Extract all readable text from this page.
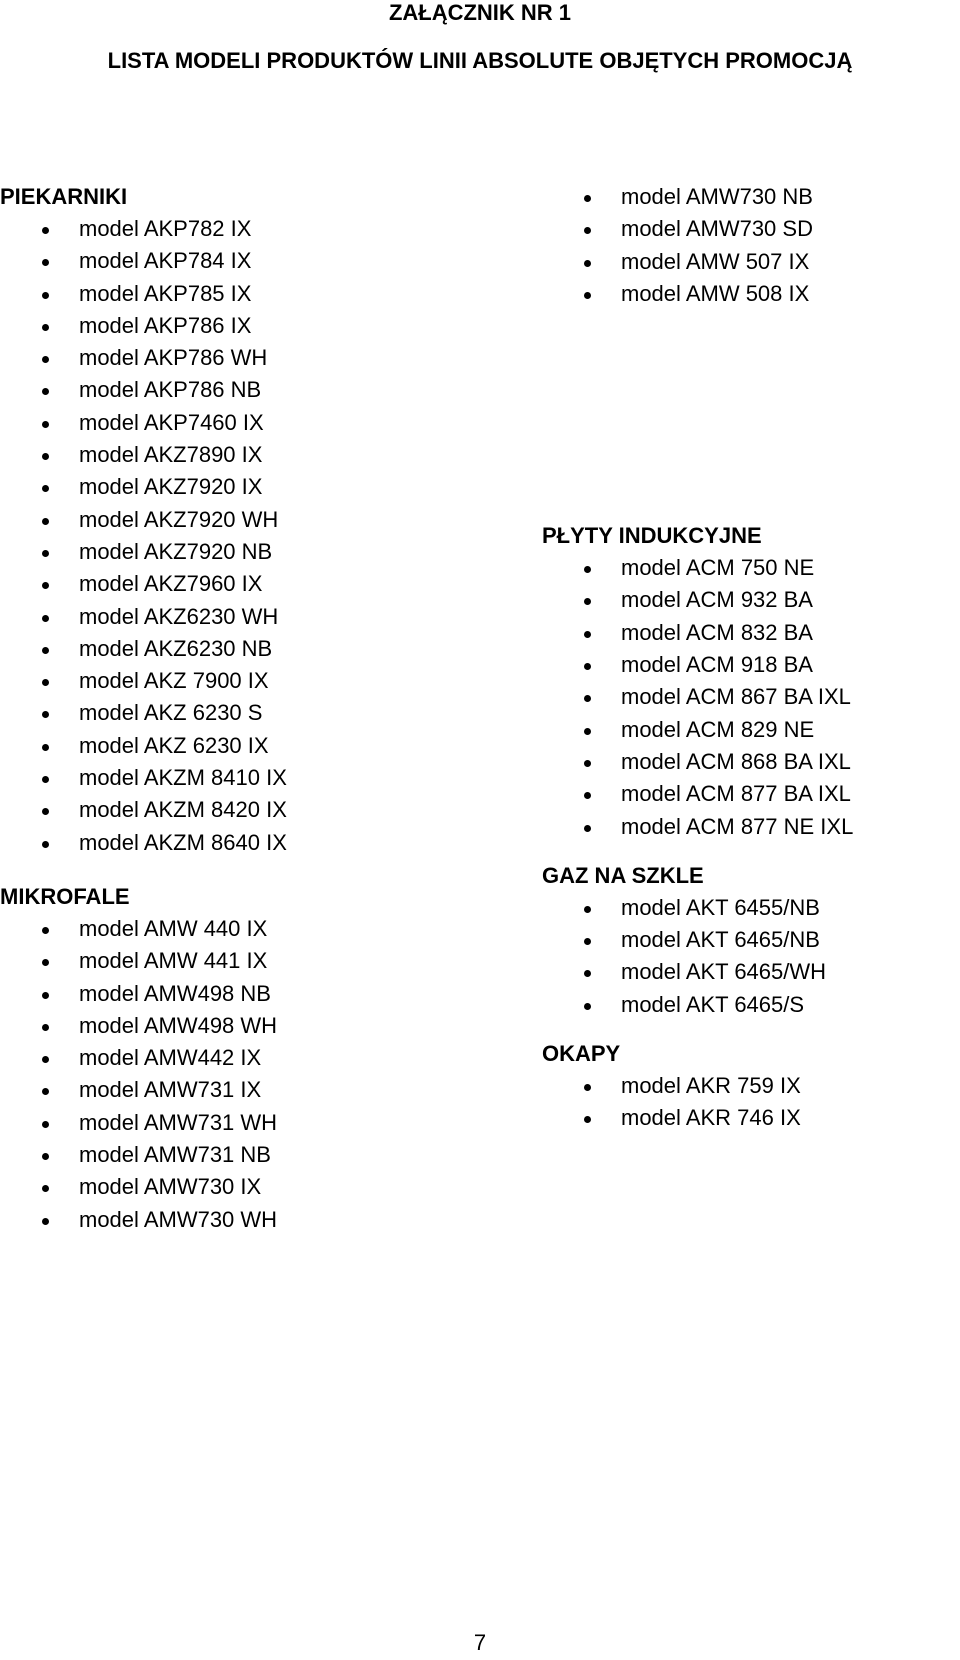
ZAŁĄCZNIK NR 1
LISTA MODELI PRODUKTÓW LINII ABSOLUTE OBJĘTYCH PROMOCJĄ
PIEKARNIKI
model AKP782 IX
model AKP784 IX
model AKP785 IX
model AKP786 IX
model AKP786 WH
model AKP786 NB
model AKP7460 IX
model AKZ7890 IX
model AKZ7920 IX
model AKZ7920 WH
model AKZ7920 NB
model AKZ7960 IX
model AKZ6230 WH
model AKZ6230 NB
model AKZ 7900 IX
model AKZ 6230 S
model AKZ 6230 IX
model AKZM 8410 IX
model AKZM 8420 IX
model AKZM 8640 IX
MIKROFALE
model AMW 440 IX
model AMW 441 IX
model AMW498 NB
model AMW498 WH
model AMW442 IX
model AMW731 IX
model AMW731 WH
model AMW731 NB
model AMW730 IX
model AMW730 WH
model AMW730 NB
model AMW730 SD
model AMW 507 IX
model AMW 508 IX
PŁYTY INDUKCYJNE
model ACM 750 NE
model ACM 932 BA
model ACM 832 BA
model ACM 918 BA
model ACM 867 BA IXL
model ACM 829 NE
model ACM 868 BA IXL
model ACM 877 BA IXL
model ACM 877 NE IXL
GAZ NA SZKLE
model AKT 6455/NB
model AKT 6465/NB
model AKT 6465/WH
model AKT 6465/S
OKAPY
model AKR 759 IX
model AKR 746 IX
7
